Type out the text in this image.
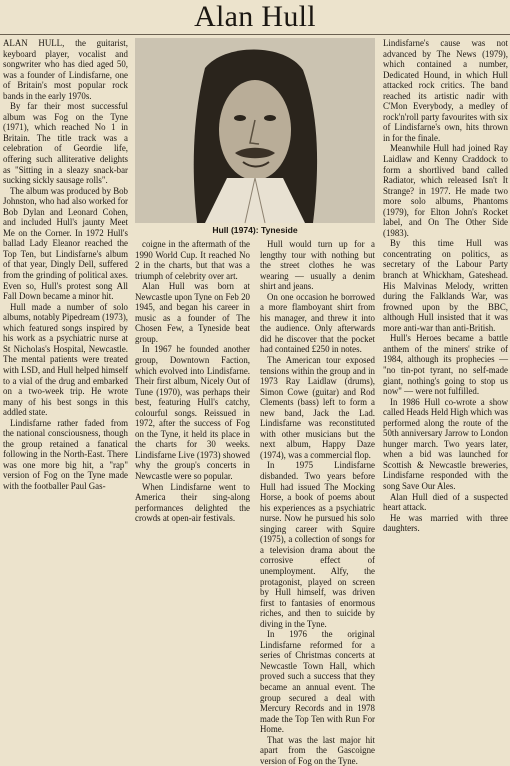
Alan Hull

ALAN HULL, the guitarist, keyboard player, vocalist and songwriter who has died aged 50, was a founder of Lindisfarne, one of Britain's most popular rock bands in the early 1970s.

By far their most successful album was Fog on the Tyne (1971), which reached No 1 in Britain. The title track was a celebration of Geordie life, offering such alliterative delights as "Sitting in a sleazy snack-bar sucking sickly sausage rolls".

The album was produced by Bob Johnston, who had also worked for Bob Dylan and Leonard Cohen, and included Hull's jaunty Meet Me on the Corner. In 1972 Hull's ballad Lady Eleanor reached the Top Ten, but Lindisfarne's album of that year, Dingly Dell, suffered from the grinding of political axes. Even so, Hull's protest song All Fall Down became a minor hit.

Hull made a number of solo albums, notably Pipedream (1973), which featured songs inspired by his work as a psychiatric nurse at St Nicholas's Hospital, Newcastle. The mental patients were treated with LSD, and Hull helped himself to a vial of the drug and embarked on a two-week trip. He wrote many of his best songs in this addled state.

Lindisfarne rather faded from the national consciousness, though the group retained a fanatical following in the North-East. There was one more big hit, a "rap" version of Fog on the Tyne made with the footballer Paul Gas-

Hull (1974): Tyneside

coigne in the aftermath of the 1990 World Cup. It reached No 2 in the charts, but that was a triumph of celebrity over art.

Alan Hull was born at Newcastle upon Tyne on Feb 20 1945, and began his career in music as a founder of The Chosen Few, a Tyneside beat group.

In 1967 he founded another group, Downtown Faction, which evolved into Lindisfarne. Their first album, Nicely Out of Tune (1970), was perhaps their best, featuring Hull's catchy, colourful songs. Reissued in 1972, after the success of Fog on the Tyne, it held its place in the charts for 30 weeks. Lindisfarne Live (1973) showed why the group's concerts in Newcastle were so popular.

When Lindisfarne went to America their sing-along performances delighted the crowds at open-air festivals.

Hull would turn up for a lengthy tour with nothing but the street clothes he was wearing — usually a denim shirt and jeans.

On one occasion he borrowed a more flamboyant shirt from his manager, and threw it into the audience. Only afterwards did he discover that the pocket had contained £250 in notes.

The American tour exposed tensions within the group and in 1973 Ray Laidlaw (drums), Simon Cowe (guitar) and Rod Clements (bass) left to form a new band, Jack the Lad. Lindisfarne was reconstituted with other musicians but the next album, Happy Daze (1974), was a commercial flop.

In 1975 Lindisfarne disbanded. Two years before Hull had issued The Mocking Horse, a book of poems about his experiences as a psychiatric nurse. Now he pursued his solo singing career with Squire (1975), a collection of songs for a television drama about the corrosive effect of unemployment. Alfy, the protagonist, played on screen by Hull himself, was driven first to fantasies of enormous riches, and then to suicide by diving in the Tyne.

In 1976 the original Lindisfarne reformed for a series of Christmas concerts at Newcastle Town Hall, which proved such a success that they became an annual event. The group secured a deal with Mercury Records and in 1978 made the Top Ten with Run For Home.

That was the last major hit apart from the Gascoigne version of Fog on the Tyne.

Lindisfarne's cause was not advanced by The News (1979), which contained a number, Dedicated Hound, in which Hull attacked rock critics. The band reached its artistic nadir with C'Mon Everybody, a medley of rock'n'roll party favourites with six of Lindisfarne's own, hits thrown in for the finale.

Meanwhile Hull had joined Ray Laidlaw and Kenny Craddock to form a shortlived band called Radiator, which released Isn't It Strange? in 1977. He made two more solo albums, Phantoms (1979), for Elton John's Rocket label, and On The Other Side (1983).

By this time Hull was concentrating on politics, as secretary of the Labour Party branch at Whickham, Gateshead. His Malvinas Melody, written during the Falklands War, was frowned upon by the BBC, although Hull insisted that it was more anti-war than anti-British.

Hull's Heroes became a battle anthem of the miners' strike of 1984, although its prophecies — "no tin-pot tyrant, no self-made giant, nothing's going to stop us now" — were not fulfilled.

In 1986 Hull co-wrote a show called Heads Held High which was performed along the route of the 50th anniversary Jarrow to London hunger march. Two years later, when a bid was launched for Scottish & Newcastle breweries, Lindisfarne responded with the song Save Our Ales.

Alan Hull died of a suspected heart attack.

He was married with three daughters.
